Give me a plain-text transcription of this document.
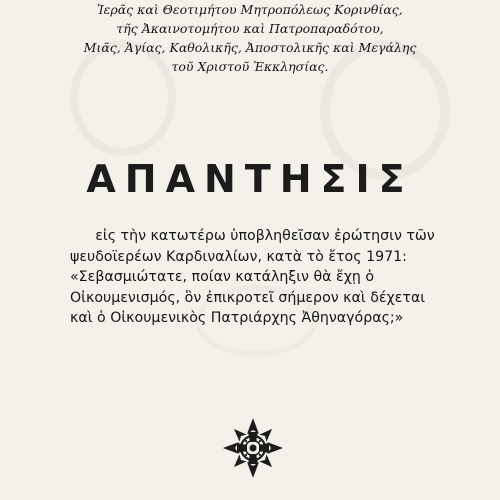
Ἱερᾶς καὶ Θεοτιμήτου Μητροπόλεως Κορινθίας,
τῆς Ἀκαινοτομήτου καὶ Πατροπαραδότου,
Μιᾶς, Ἁγίας, Καθολικῆς, Ἀποστολικῆς καὶ Μεγάλης
τοῦ Χριστοῦ Ἐκκλησίας.
ΑΠΑΝΤΗΣΙΣ
εἰς τὴν κατωτέρω ὑποβληθεῖσαν ἐρώτησιν τῶν
ψευδοϊερέων Καρδιναλίων, κατὰ τὸ ἔτος 1971:
«Σεβασμιώτατε, ποίαν κατάληξιν θὰ ἔχῃ ὁ
Οἰκουμενισμός, ὃν ἐπικροτεῖ σήμερον καὶ δέχεται
καὶ ὁ Οἰκουμενικὸς Πατριάρχης Ἀθηναγόρας;»
